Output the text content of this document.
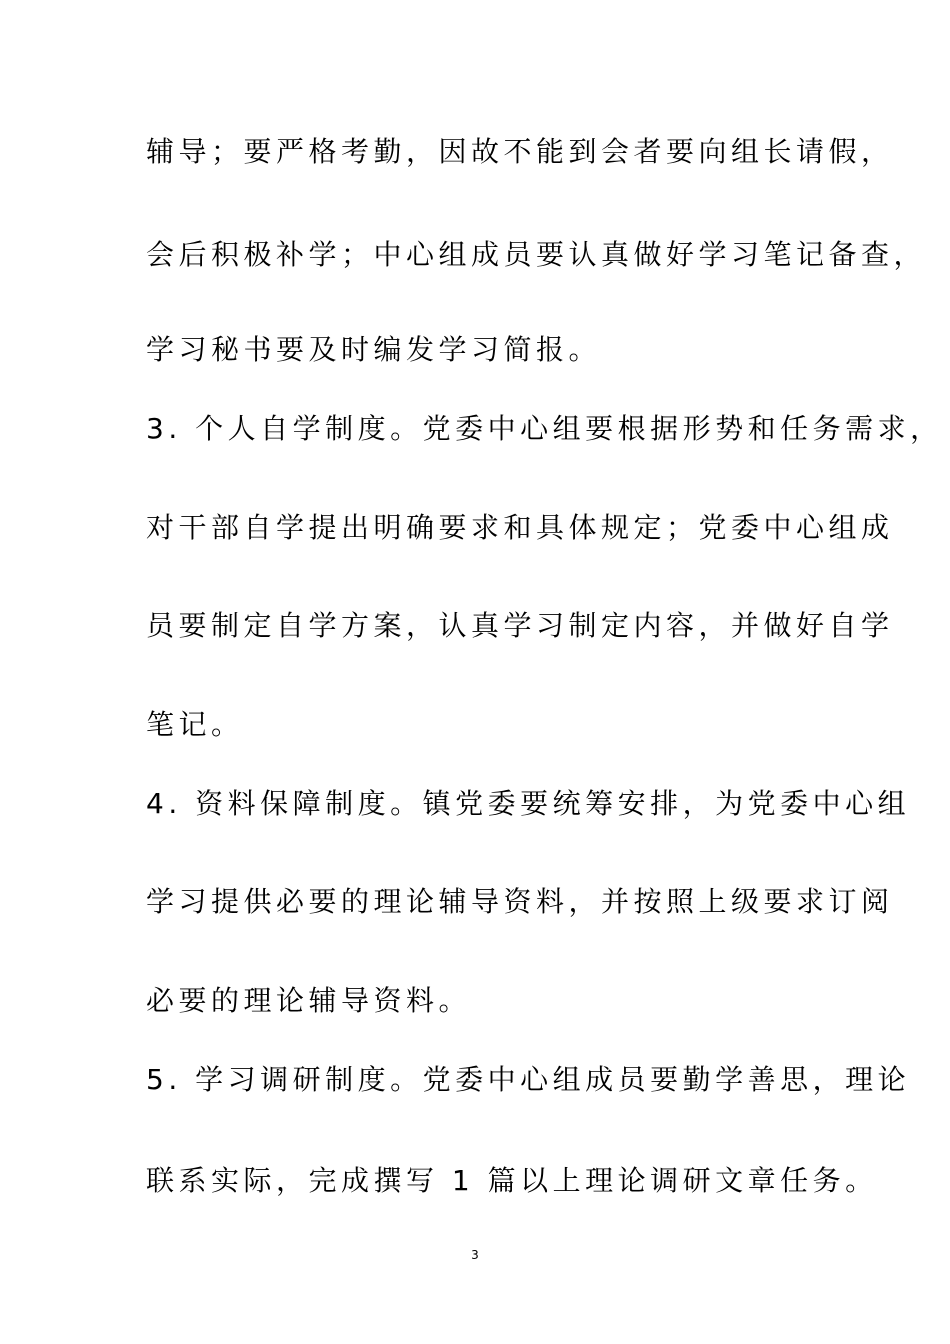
辅导；要严格考勤，因故不能到会者要向组长请假，
会后积极补学；中心组成员要认真做好学习笔记备查，
学习秘书要及时编发学习简报。
3. 个人自学制度。党委中心组要根据形势和任务需求，
对干部自学提出明确要求和具体规定；党委中心组成
员要制定自学方案，认真学习制定内容，并做好自学
笔记。
4. 资料保障制度。镇党委要统筹安排，为党委中心组
学习提供必要的理论辅导资料，并按照上级要求订阅
必要的理论辅导资料。
5. 学习调研制度。党委中心组成员要勤学善思，理论
联系实际，完成撰写 1 篇以上理论调研文章任务。
3
